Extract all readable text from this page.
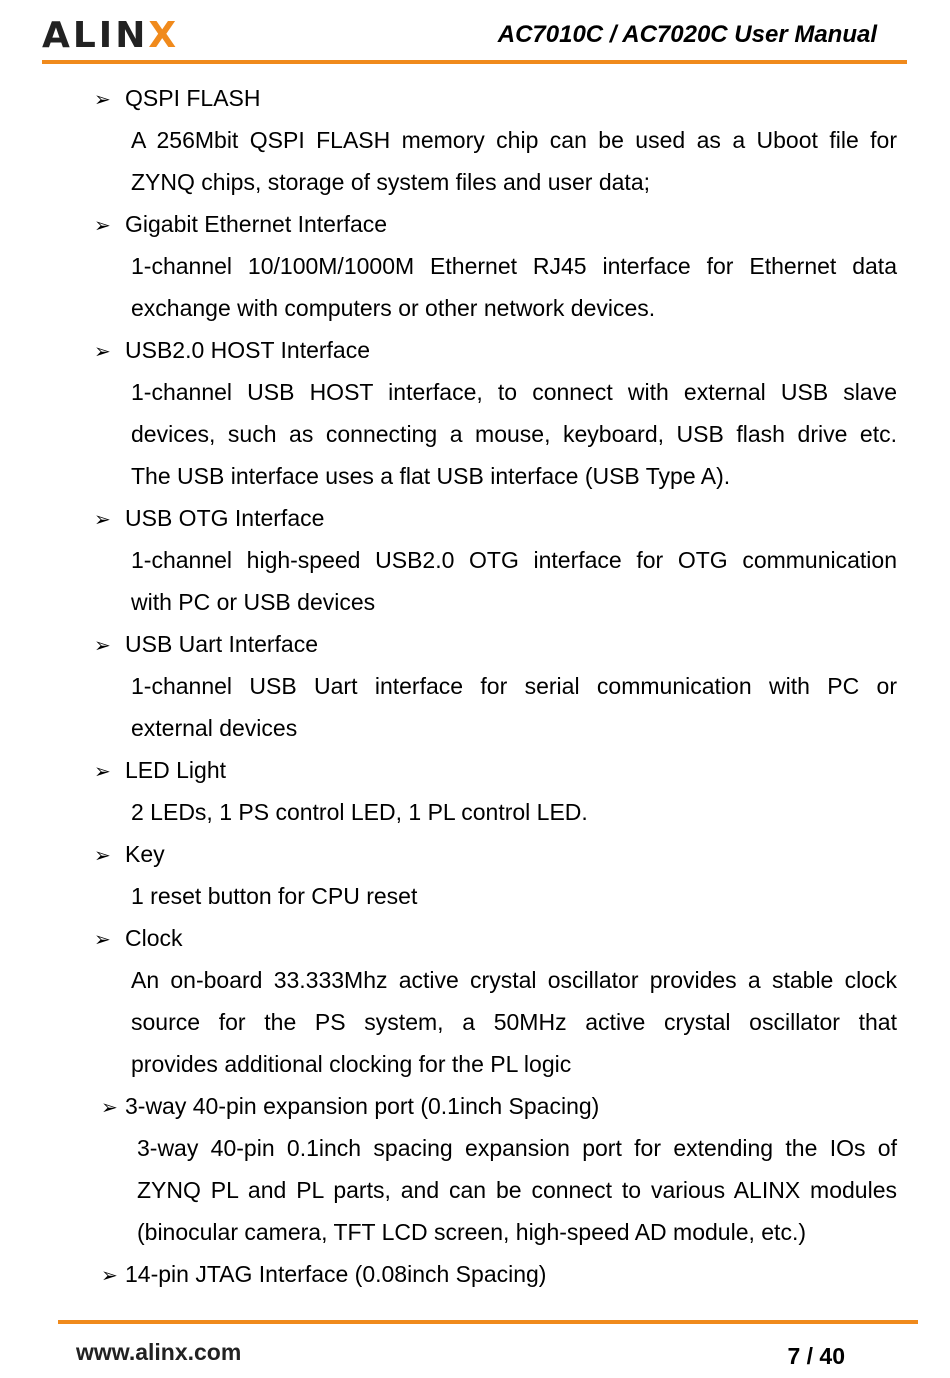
ALINX	AC7010C / AC7020C User Manual
➢ QSPI FLASH
A 256Mbit QSPI FLASH memory chip can be used as a Uboot file for
ZYNQ chips, storage of system files and user data;
➢ Gigabit Ethernet Interface
1-channel 10/100M/1000M Ethernet RJ45 interface for Ethernet data
exchange with computers or other network devices.
➢ USB2.0 HOST Interface
1-channel USB HOST interface, to connect with external USB slave
devices, such as connecting a mouse, keyboard, USB flash drive etc.
The USB interface uses a flat USB interface (USB Type A).
➢ USB OTG Interface
1-channel high-speed USB2.0 OTG interface for OTG communication
with PC or USB devices
➢ USB Uart Interface
1-channel USB Uart interface for serial communication with PC or
external devices
➢ LED Light
2 LEDs, 1 PS control LED, 1 PL control LED.
➢ Key
1 reset button for CPU reset
➢ Clock
An on-board 33.333Mhz active crystal oscillator provides a stable clock
source for the PS system, a 50MHz active crystal oscillator that
provides additional clocking for the PL logic
➢ 3-way 40-pin expansion port (0.1inch Spacing)
3-way 40-pin 0.1inch spacing expansion port for extending the IOs of
ZYNQ PL and PL parts, and can be connect to various ALINX modules
(binocular camera, TFT LCD screen, high-speed AD module, etc.)
➢ 14-pin JTAG Interface (0.08inch Spacing)
www.alinx.com	7 / 40
